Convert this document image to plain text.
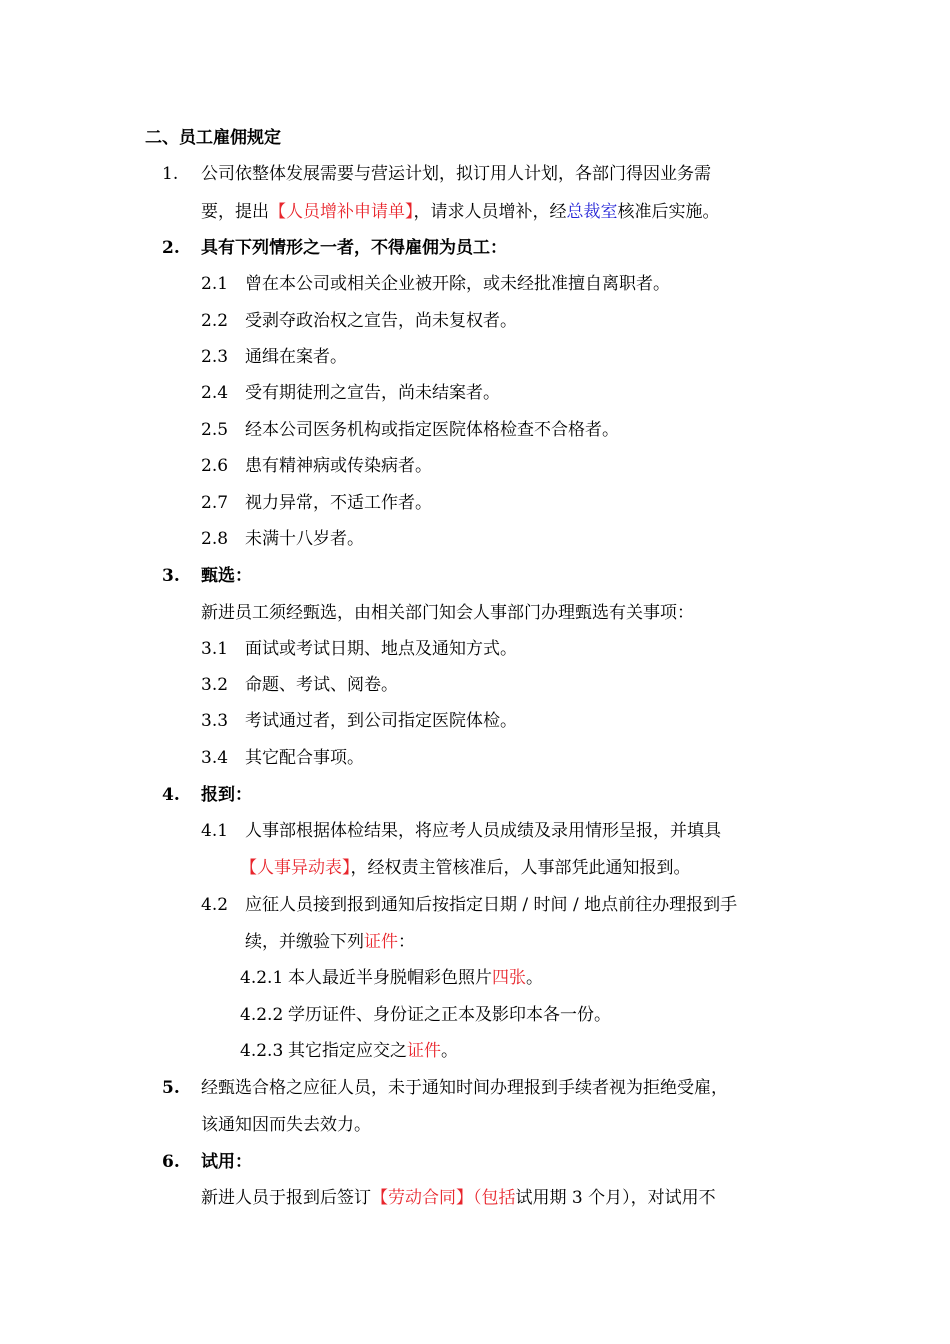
二、员工雇佣规定
1. 公司依整体发展需要与营运计划，拟订用人计划，各部门得因业务需
要，提出【人员增补申请单】，请求人员增补，经总裁室核准后实施。
2. 具有下列情形之一者，不得雇佣为员工：
2.1 曾在本公司或相关企业被开除，或未经批准擅自离职者。
2.2 受剥夺政治权之宣告，尚未复权者。
2.3 通缉在案者。
2.4 受有期徒刑之宣告，尚未结案者。
2.5 经本公司医务机构或指定医院体格检查不合格者。
2.6 患有精神病或传染病者。
2.7 视力异常，不适工作者。
2.8 未满十八岁者。
3. 甄选：
新进员工须经甄选，由相关部门知会人事部门办理甄选有关事项：
3.1 面试或考试日期、地点及通知方式。
3.2 命题、考试、阅卷。
3.3 考试通过者，到公司指定医院体检。
3.4 其它配合事项。
4. 报到：
4.1 人事部根据体检结果，将应考人员成绩及录用情形呈报，并填具
【人事异动表】，经权责主管核准后，人事部凭此通知报到。
4.2 应征人员接到报到通知后按指定日期 / 时间 / 地点前往办理报到手
续，并缴验下列证件：
4.2.1 本人最近半身脱帽彩色照片四张。
4.2.2 学历证件、身份证之正本及影印本各一份。
4.2.3 其它指定应交之证件。
5. 经甄选合格之应征人员，未于通知时间办理报到手续者视为拒绝受雇，
该通知因而失去效力。
6. 试用：
新进人员于报到后签订【劳动合同】（包括试用期 3 个月），对试用不
